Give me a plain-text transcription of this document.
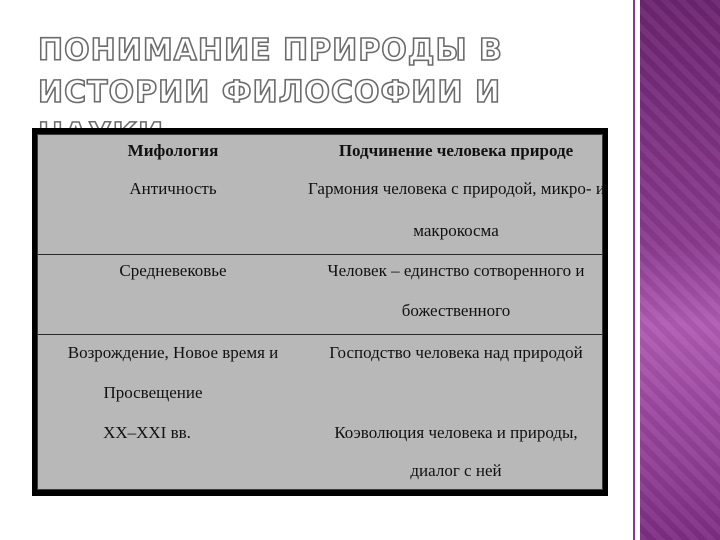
ПОНИМАНИЕ ПРИРОДЫ В
ИСТОРИИ ФИЛОСОФИИ И
Мифология
Античность
Подчинение человека природе
Гармония человека с природой, микро- и
макрокосма
Средневековье	Человек – единство сотворенного и
божественного
Возрождение, Новое время и
Просвещение
XX–XXI вв.
Господство человека над природой
Коэволюция человека и природы,
диалог с ней
